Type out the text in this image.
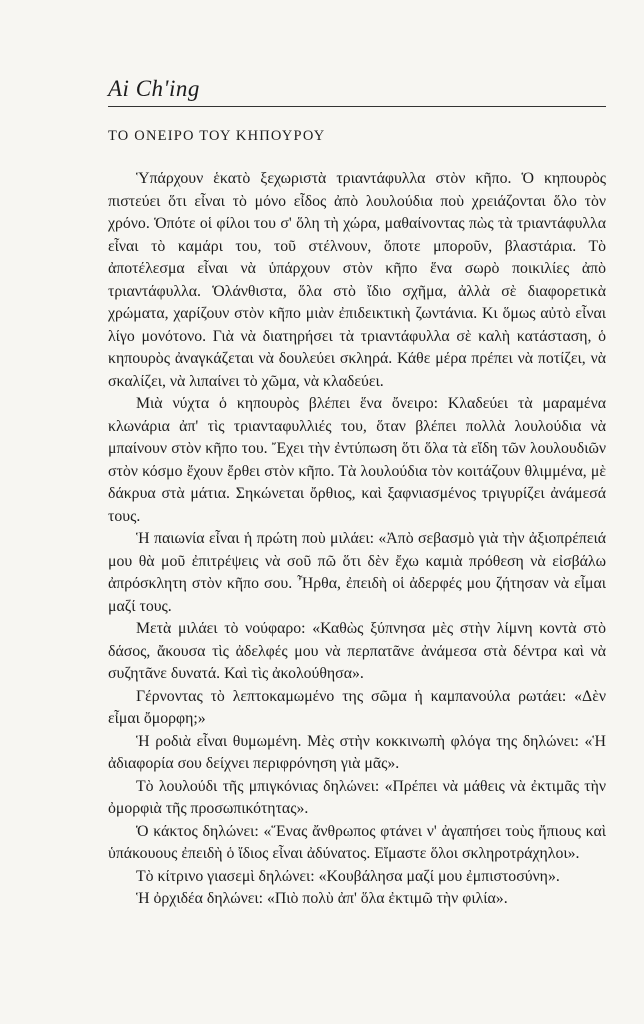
Ai Ch'ing
ΤΟ ΟΝΕΙΡΟ ΤΟΥ ΚΗΠΟΥΡΟΥ

Ὑπάρχουν ἑκατὸ ξεχωριστὰ τριαντάφυλλα στὸν κῆπο. Ὁ κηπουρὸς πιστεύει ὅτι εἶναι τὸ μόνο εἶδος ἀπὸ λουλούδια ποὺ χρειάζονται ὅλο τὸν χρόνο. Ὁπότε οἱ φίλοι του σ' ὅλη τὴ χώρα, μαθαίνοντας πὼς τὰ τριαντάφυλλα εἶναι τὸ καμάρι του, τοῦ στέλνουν, ὅποτε μποροῦν, βλαστάρια. Τὸ ἀποτέλεσμα εἶναι νὰ ὑπάρχουν στὸν κῆπο ἕνα σωρὸ ποικιλίες ἀπὸ τριαντάφυλλα. Ὁλάνθιστα, ὅλα στὸ ἴδιο σχῆμα, ἀλλὰ σὲ διαφορετικὰ χρώματα, χαρίζουν στὸν κῆπο μιὰν ἐπιδεικτικὴ ζωντάνια. Κι ὅμως αὐτὸ εἶναι λίγο μονότονο. Γιὰ νὰ διατηρήσει τὰ τριαντάφυλλα σὲ καλὴ κατάσταση, ὁ κηπουρὸς ἀναγκάζεται νὰ δουλεύει σκληρά. Κάθε μέρα πρέπει νὰ ποτίζει, νὰ σκαλίζει, νὰ λιπαίνει τὸ χῶμα, νὰ κλαδεύει.

Μιὰ νύχτα ὁ κηπουρὸς βλέπει ἕνα ὄνειρο: Κλαδεύει τὰ μαραμένα κλωνάρια ἀπ' τὶς τριανταφυλλιές του, ὅταν βλέπει πολλὰ λουλούδια νὰ μπαίνουν στὸν κῆπο του. Ἔχει τὴν ἐντύπωση ὅτι ὅλα τὰ εἴδη τῶν λουλουδιῶν στὸν κόσμο ἔχουν ἔρθει στὸν κῆπο. Τὰ λουλούδια τὸν κοιτάζουν θλιμμένα, μὲ δάκρυα στὰ μάτια. Σηκώνεται ὄρθιος, καὶ ξαφνιασμένος τριγυρίζει ἀνάμεσά τους.

Ἡ παιωνία εἶναι ἡ πρώτη ποὺ μιλάει: «Ἀπὸ σεβασμὸ γιὰ τὴν ἀξιοπρέπειά μου θὰ μοῦ ἐπιτρέψεις νὰ σοῦ πῶ ὅτι δὲν ἔχω καμιὰ πρόθεση νὰ εἰσβάλω ἀπρόσκλητη στὸν κῆπο σου. Ἦρθα, ἐπειδὴ οἱ ἀδερφές μου ζήτησαν νὰ εἶμαι μαζί τους.

Μετὰ μιλάει τὸ νούφαρο: «Καθὼς ξύπνησα μὲς στὴν λίμνη κοντὰ στὸ δάσος, ἄκουσα τὶς ἀδελφές μου νὰ περπατᾶνε ἀνάμεσα στὰ δέντρα καὶ νὰ συζητᾶνε δυνατά. Καὶ τὶς ἀκολούθησα».

Γέρνοντας τὸ λεπτοκαμωμένο της σῶμα ἡ καμπανούλα ρωτάει: «Δὲν εἶμαι ὄμορφη;»

Ἡ ροδιὰ εἶναι θυμωμένη. Μὲς στὴν κοκκινωπὴ φλόγα της δηλώνει: «Ἡ ἀδιαφορία σου δείχνει περιφρόνηση γιὰ μᾶς».

Τὸ λουλούδι τῆς μπιγκόνιας δηλώνει: «Πρέπει νὰ μάθεις νὰ ἐκτιμᾶς τὴν ὀμορφιὰ τῆς προσωπικότητας».

Ὁ κάκτος δηλώνει: «Ἕνας ἄνθρωπος φτάνει ν' ἀγαπήσει τοὺς ἤπιους καὶ ὑπάκουους ἐπειδὴ ὁ ἴδιος εἶναι ἀδύνατος. Εἴμαστε ὅλοι σκληροτράχηλοι».

Τὸ κίτρινο γιασεμὶ δηλώνει: «Κουβάλησα μαζί μου ἐμπιστοσύνη».

Ἡ ὀρχιδέα δηλώνει: «Πιὸ πολὺ ἀπ' ὅλα ἐκτιμῶ τὴν φιλία».
